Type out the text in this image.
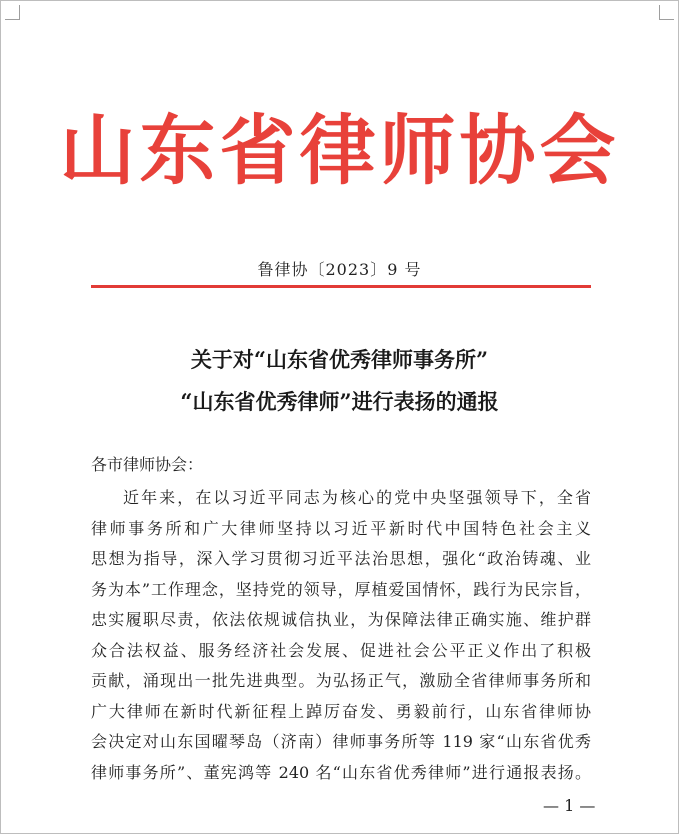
山东省律师协会
鲁律协〔2023〕9 号
关于对“山东省优秀律师事务所”
“山东省优秀律师”进行表扬的通报
各市律师协会：
近年来，在以习近平同志为核心的党中央坚强领导下，全省
律师事务所和广大律师坚持以习近平新时代中国特色社会主义
思想为指导，深入学习贯彻习近平法治思想，强化“政治铸魂、业
务为本”工作理念，坚持党的领导，厚植爱国情怀，践行为民宗旨，
忠实履职尽责，依法依规诚信执业，为保障法律正确实施、维护群
众合法权益、服务经济社会发展、促进社会公平正义作出了积极
贡献，涌现出一批先进典型。为弘扬正气，激励全省律师事务所和
广大律师在新时代新征程上踔厉奋发、勇毅前行，山东省律师协
会决定对山东国曜琴岛（济南）律师事务所等 119 家“山东省优秀
律师事务所”、董宪鸿等 240 名“山东省优秀律师”进行通报表扬。
— 1 —
